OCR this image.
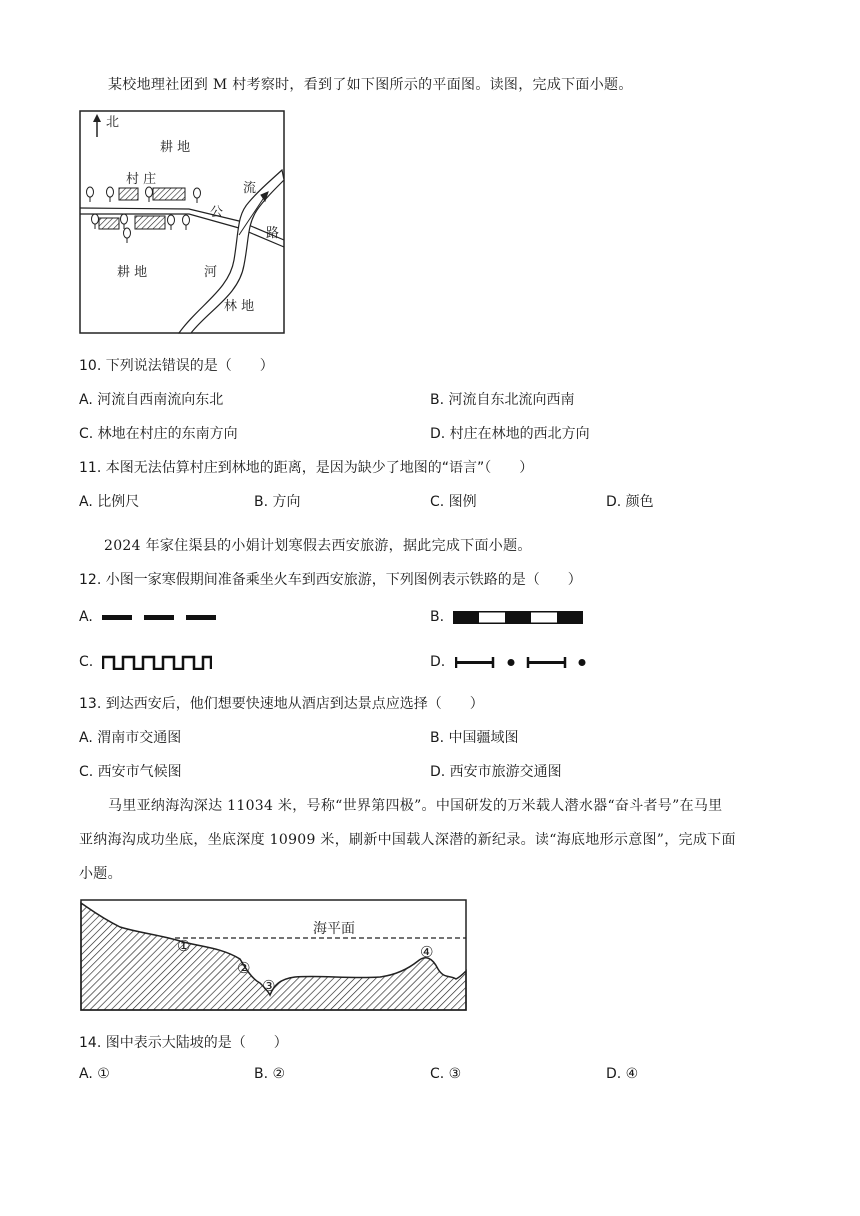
某校地理社团到 M 村考察时，看到了如下图所示的平面图。读图，完成下面小题。
北
耕 地
村 庄
公
路
流
河
耕 地
林 地
10. 下列说法错误的是（　　）
A. 河流自西南流向东北	B. 河流自东北流向西南
C. 林地在村庄的东南方向	D. 村庄在林地的西北方向
11. 本图无法估算村庄到林地的距离，是因为缺少了地图的“语言”（　　）
A. 比例尺	B. 方向	C. 图例	D. 颜色
2024 年家住渠县的小娟计划寒假去西安旅游，据此完成下面小题。
12. 小图一家寒假期间准备乘坐火车到西安旅游，下列图例表示铁路的是（　　）
A.	B.
C.	D.
13. 到达西安后，他们想要快速地从酒店到达景点应选择（　　）
A. 渭南市交通图	B. 中国疆域图
C. 西安市气候图	D. 西安市旅游交通图
马里亚纳海沟深达 11034 米，号称“世界第四极”。中国研发的万米载人潜水器“奋斗者号”在马里
亚纳海沟成功坐底，坐底深度 10909 米，刷新中国载人深潜的新纪录。读“海底地形示意图”，完成下面
小题。
海平面
①
②
③
④
14. 图中表示大陆坡的是（　　）
A. ①	B. ②	C. ③	D. ④
